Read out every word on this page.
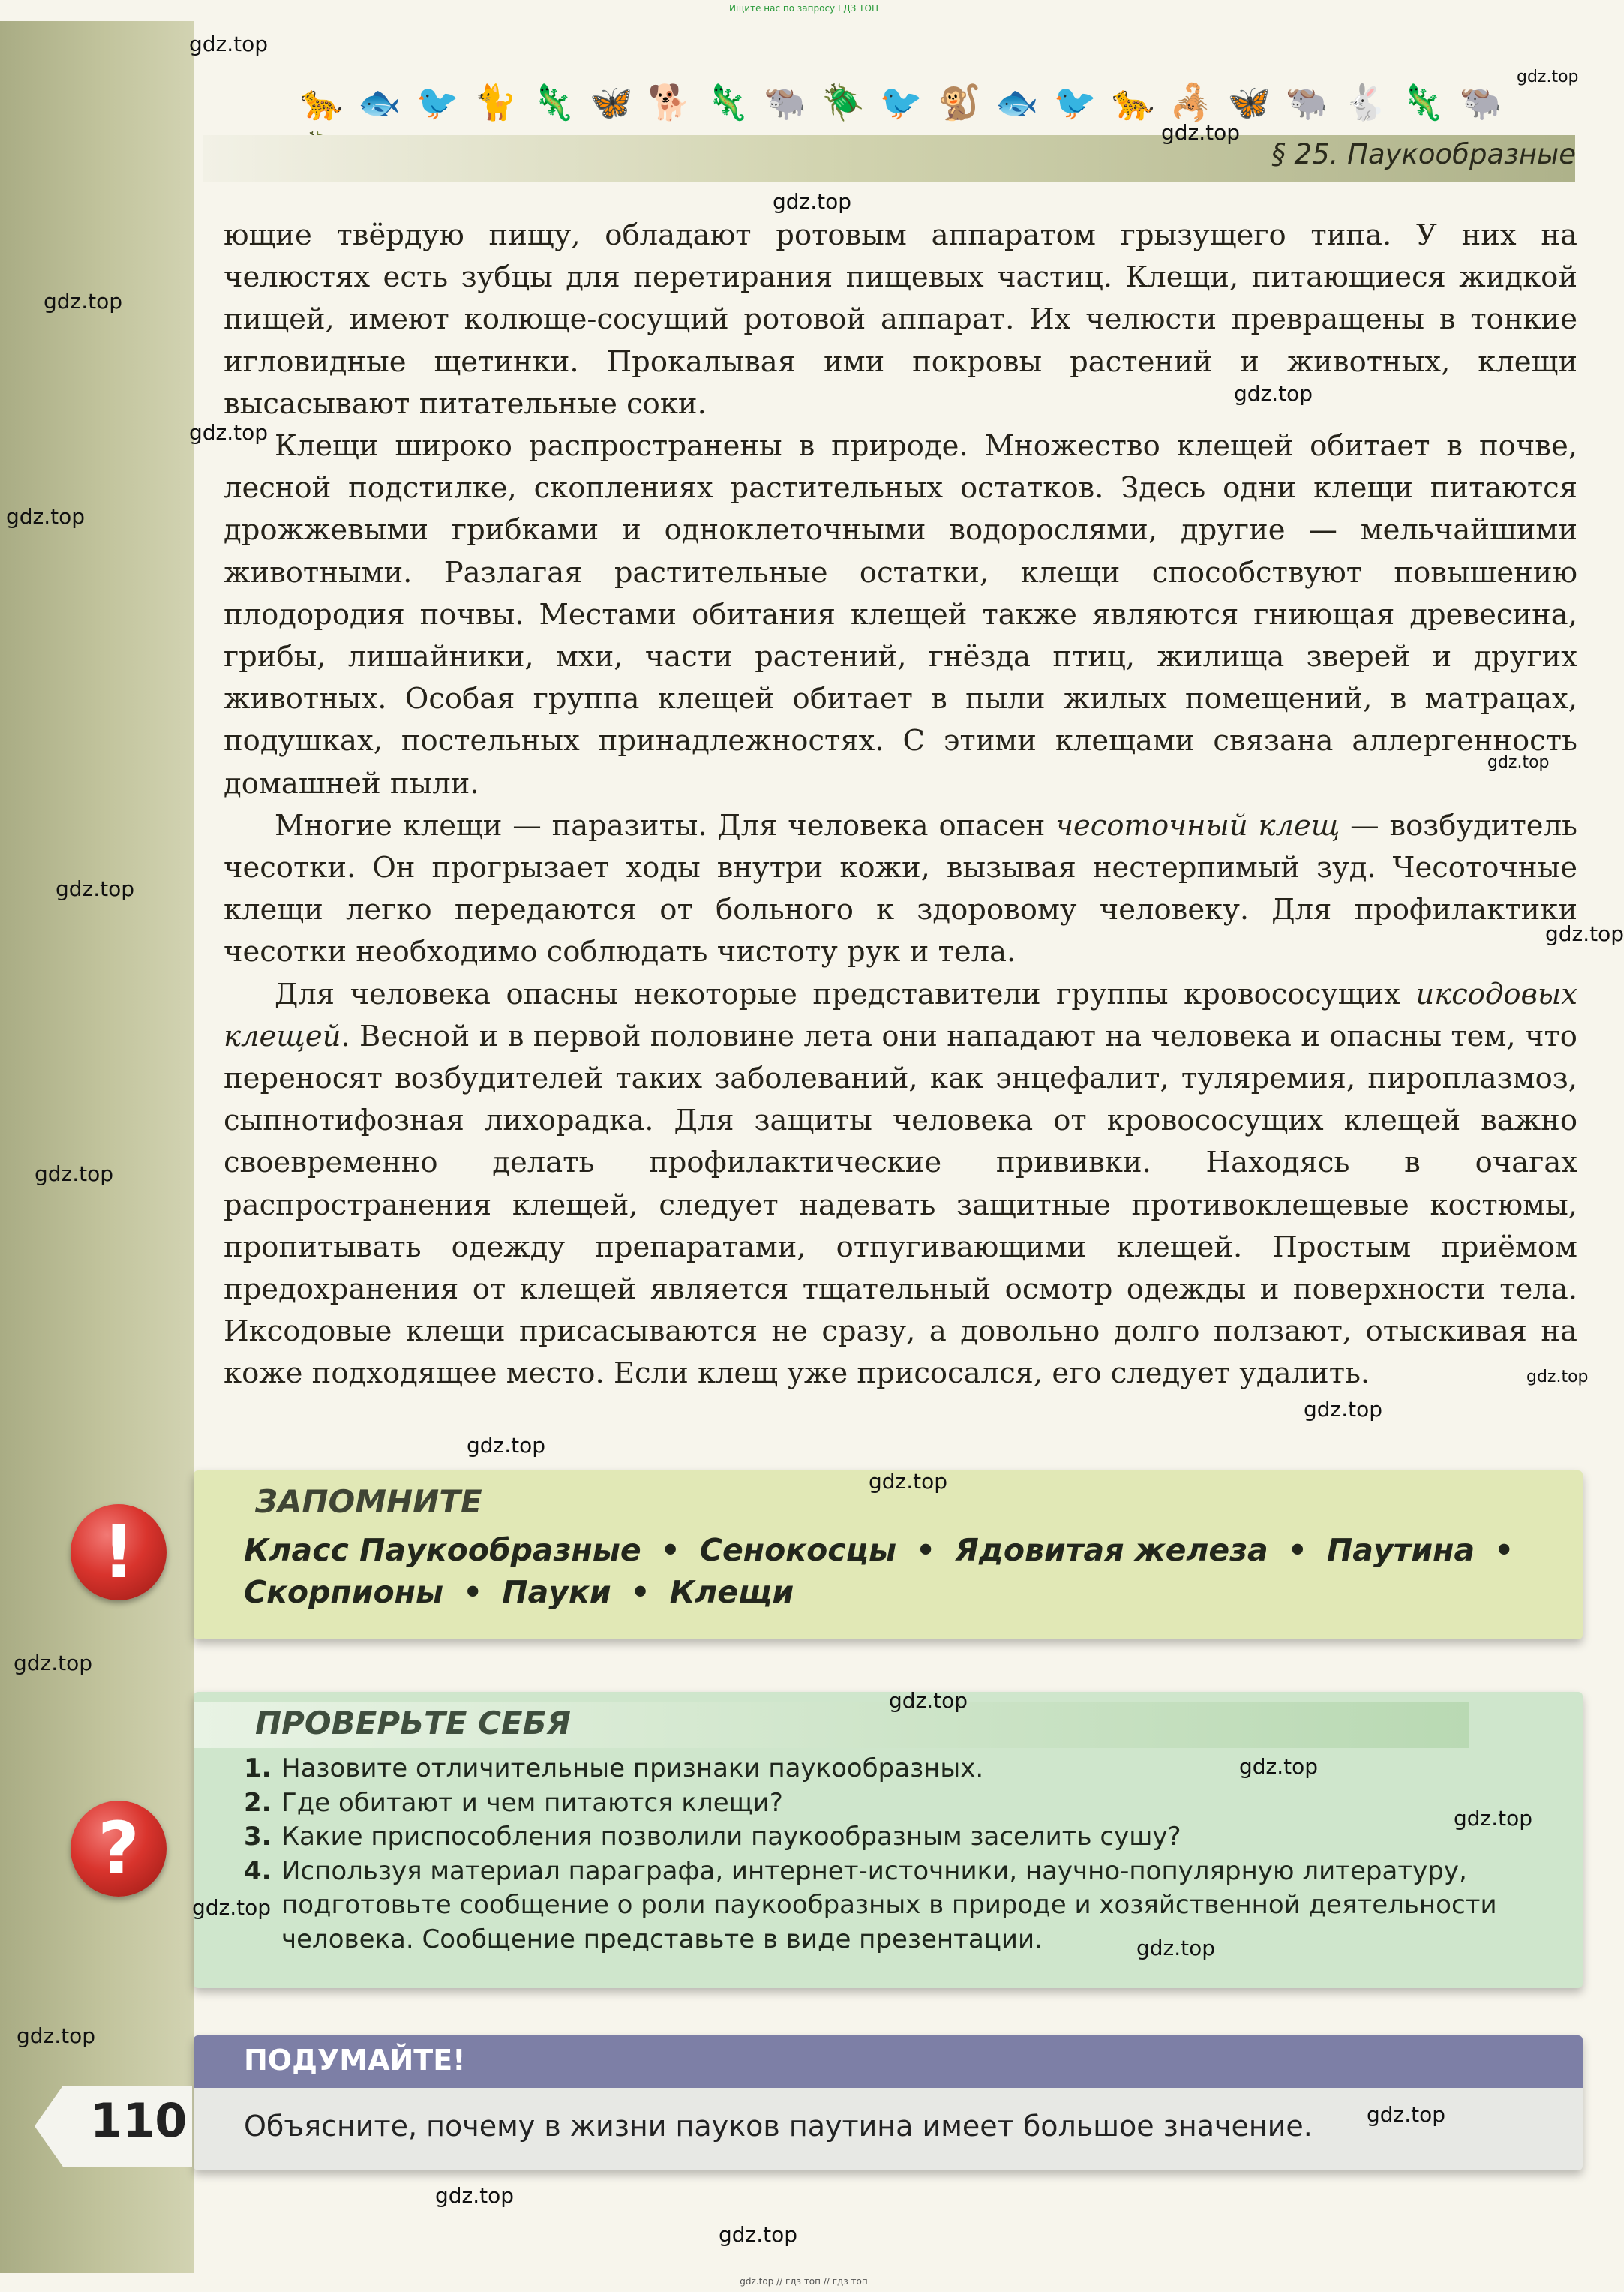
Ищите нас по запросу ГДЗ ТОП
🐆 🐟 🐦 🐈 🦎 🦋 🐕 🦎 🐃 🪲 🐦 🐒 🐟 🐦 🐆 🦂 🦋 🐃 🐇 🦎 🐃
§ 25. Паукообразные

ющие твёрдую пищу, обладают ротовым аппаратом грызущего типа. У них на челюстях есть зубцы для перетирания пищевых частиц. Клещи, питающиеся жидкой пищей, имеют колюще-сосущий ротовой аппарат. Их челюсти превращены в тонкие игловидные щетинки. Прокалывая ими покровы растений и животных, клещи высасывают питательные соки.

Клещи широко распространены в природе. Множество клещей обитает в почве, лесной подстилке, скоплениях растительных остатков. Здесь одни клещи питаются дрожжевыми грибками и одноклеточными водорослями, другие — мельчайшими животными. Разлагая растительные остатки, клещи способствуют повышению плодородия почвы. Местами обитания клещей также являются гниющая древесина, грибы, лишайники, мхи, части растений, гнёзда птиц, жилища зверей и других животных. Особая группа клещей обитает в пыли жилых помещений, в матрацах, подушках, постельных принадлежностях. С этими клещами связана аллергенность домашней пыли.

Многие клещи — паразиты. Для человека опасен чесоточный клещ — возбудитель чесотки. Он прогрызает ходы внутри кожи, вызывая нестерпимый зуд. Чесоточные клещи легко передаются от больного к здоровому человеку. Для профилактики чесотки необходимо соблюдать чистоту рук и тела.

Для человека опасны некоторые представители группы кровососущих иксодовых клещей. Весной и в первой половине лета они нападают на человека и опасны тем, что переносят возбудителей таких заболеваний, как энцефалит, туляремия, пироплазмоз, сыпнотифозная лихорадка. Для защиты человека от кровососущих клещей важно своевременно делать профилактические прививки. Находясь в очагах распространения клещей, следует надевать защитные противоклещевые костюмы, пропитывать одежду препаратами, отпугивающими клещей. Простым приёмом предохранения от клещей является тщательный осмотр одежды и поверхности тела. Иксодовые клещи присасываются не сразу, а довольно долго ползают, отыскивая на коже подходящее место. Если клещ уже присосался, его следует удалить.

!
ЗАПОМНИТЕ
Класс Паукообразные • Сенокосцы • Ядовитая железа • Паутина •
Скорпионы • Пауки • Клещи
?
ПРОВЕРЬТЕ СЕБЯ
1. Назовите отличительные признаки паукообразных.
2. Где обитают и чем питаются клещи?
3. Какие приспособления позволили паукообразным заселить сушу?
4. Используя материал параграфа, интернет-источники, научно-популярную литературу, подготовьте сообщение о роли паукообразных в природе и хозяйственной деятельности человека. Сообщение представьте в виде презентации.
ПОДУМАЙТЕ!
Объясните, почему в жизни пауков паутина имеет большое значение.
110
gdz.top
gdz.top
gdz.top
gdz.top
gdz.top
gdz.top
gdz.top
gdz.top
gdz.top
gdz.top
gdz.top
gdz.top
gdz.top
gdz.top
gdz.top
gdz.top
gdz.top
gdz.top
gdz.top
gdz.top
gdz.top
gdz.top
gdz.top
gdz.top
gdz.top
gdz.top
gdz.top // гдз топ // гдз топ
